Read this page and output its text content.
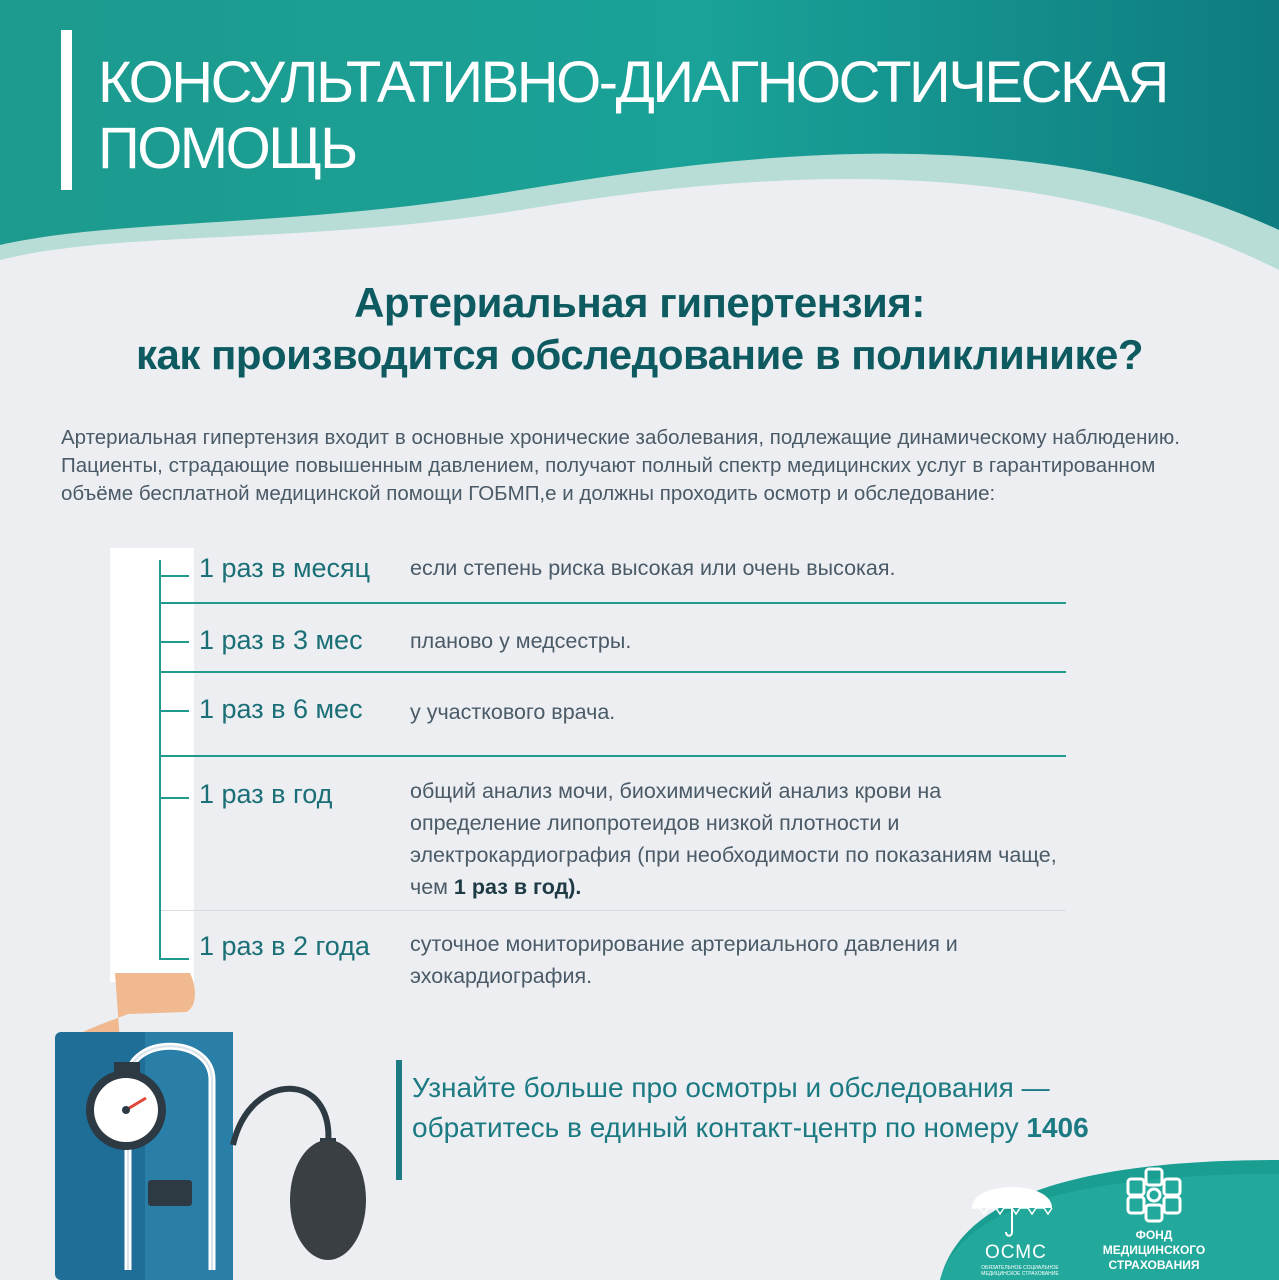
КОНСУЛЬТАТИВНО-ДИАГНОСТИЧЕСКАЯ
ПОМОЩЬ
Артериальная гипертензия:
как производится обследование в поликлинике?

Артериальная гипертензия входит в основные хронические заболевания, подлежащие динамическому наблюдению. Пациенты, страдающие повышенным давлением, получают полный спектр медицинских услуг в гарантированном объёме бесплатной медицинской помощи ГОБМП,е и должны проходить осмотр и обследование:

1 раз в месяц если степень риска высокая или очень высокая.
1 раз в 3 мес планово у медсестры.
1 раз в 6 мес у участкового врача.
1 раз в год	общий анализ мочи, биохимический анализ крови на определение липопротеидов низкой плотности и электрокардиография (при необходимости по показаниям чаще, чем 1 раз в год).
1 раз в 2 года суточное мониторирование артериального давления и эхокардиография.

Узнайте больше про осмотры и обследования — обратитесь в единый контакт-центр по номеру 1406

ОСМС
ОБЯЗАТЕЛЬНОЕ СОЦИАЛЬНОЕ МЕДИЦИНСКОЕ СТРАХОВАНИЕ
ФОНД
МЕДИЦИНСКОГО
СТРАХОВАНИЯ
